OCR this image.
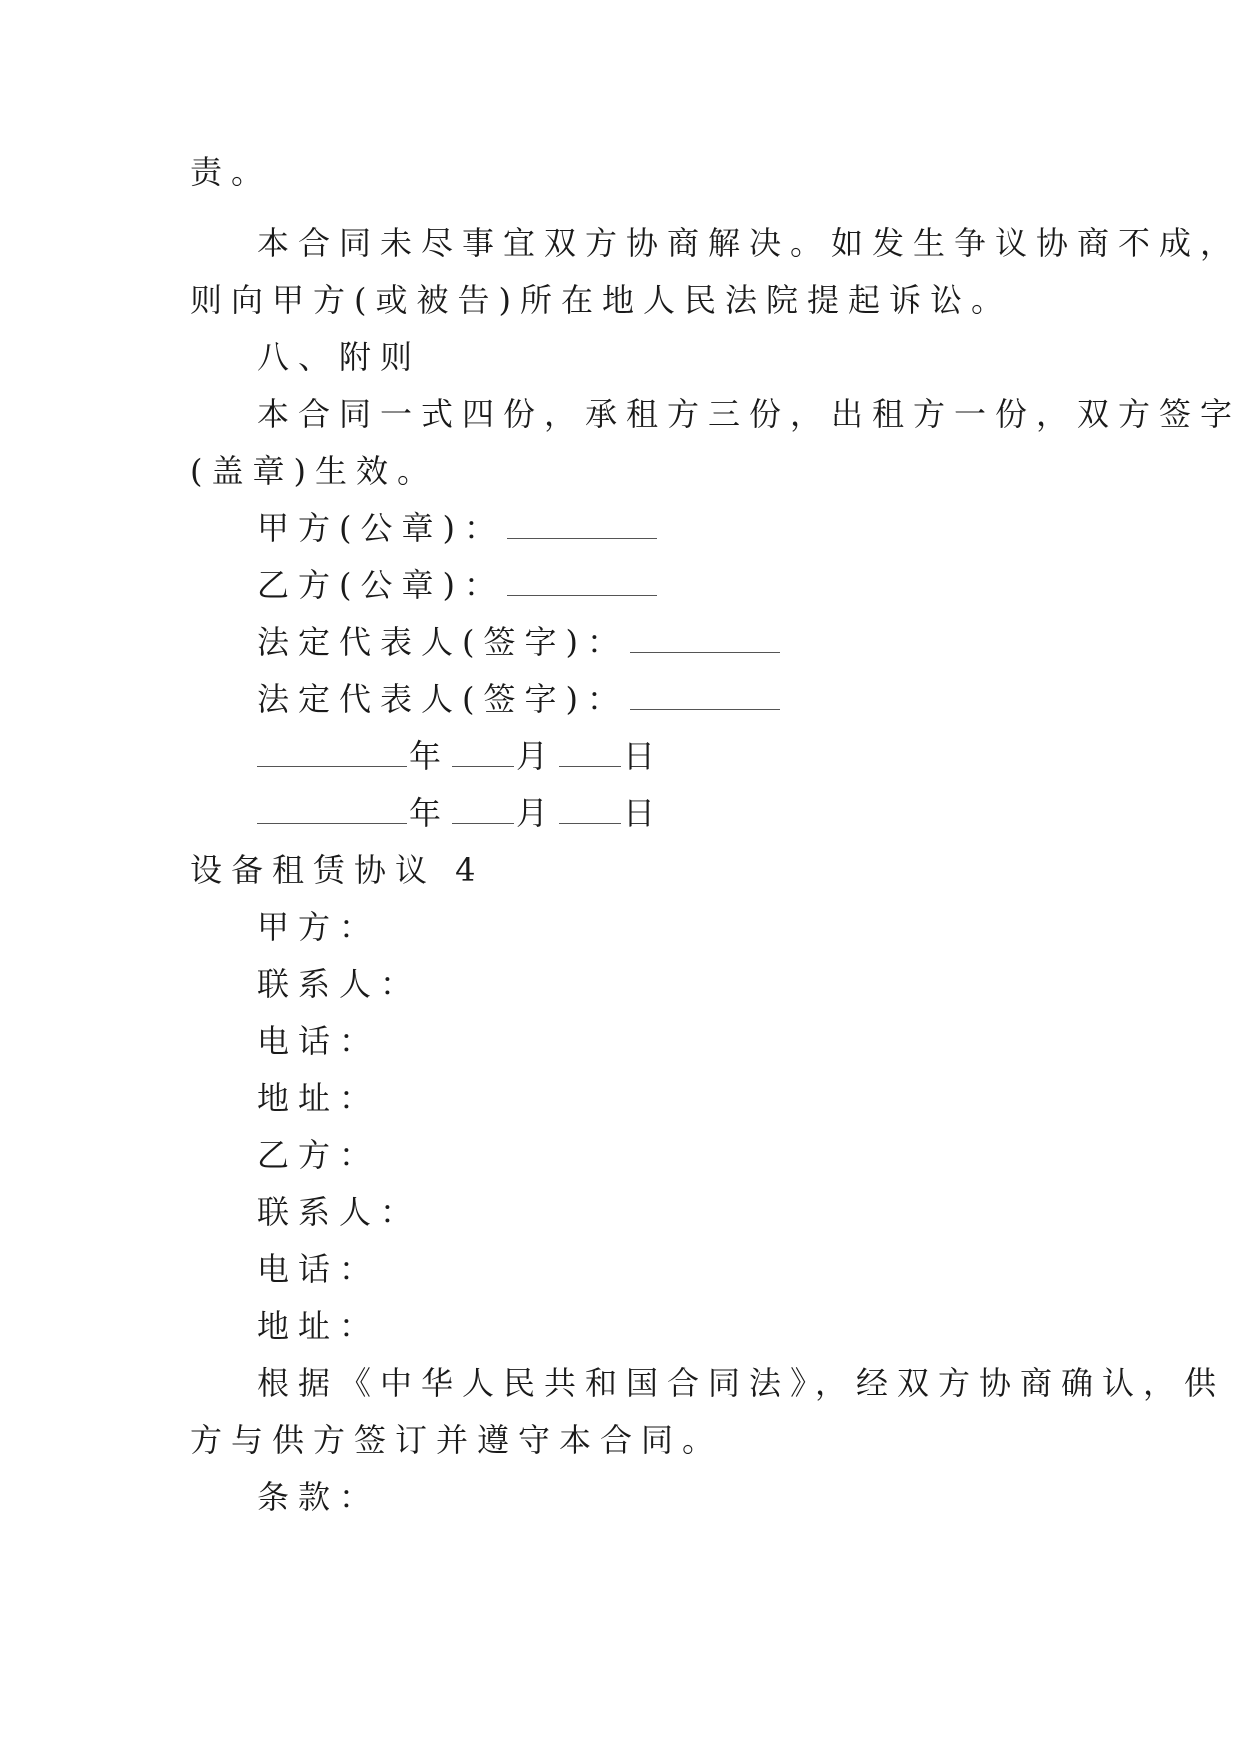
责。
本合同未尽事宜双方协商解决。如发生争议协商不成，
则向甲方(或被告)所在地人民法院提起诉讼。
八、附则
本合同一式四份，承租方三份，出租方一份，双方签字
(盖章)生效。
甲方(公章)：
乙方(公章)：
法定代表人(签字)：
法定代表人(签字)：
年 月 日
年 月 日
设备租赁协议 4
甲方：
联系人：
电话：
地址：
乙方：
联系人：
电话：
地址：
根据《中华人民共和国合同法》，经双方协商确认，供
方与供方签订并遵守本合同。
条款：
